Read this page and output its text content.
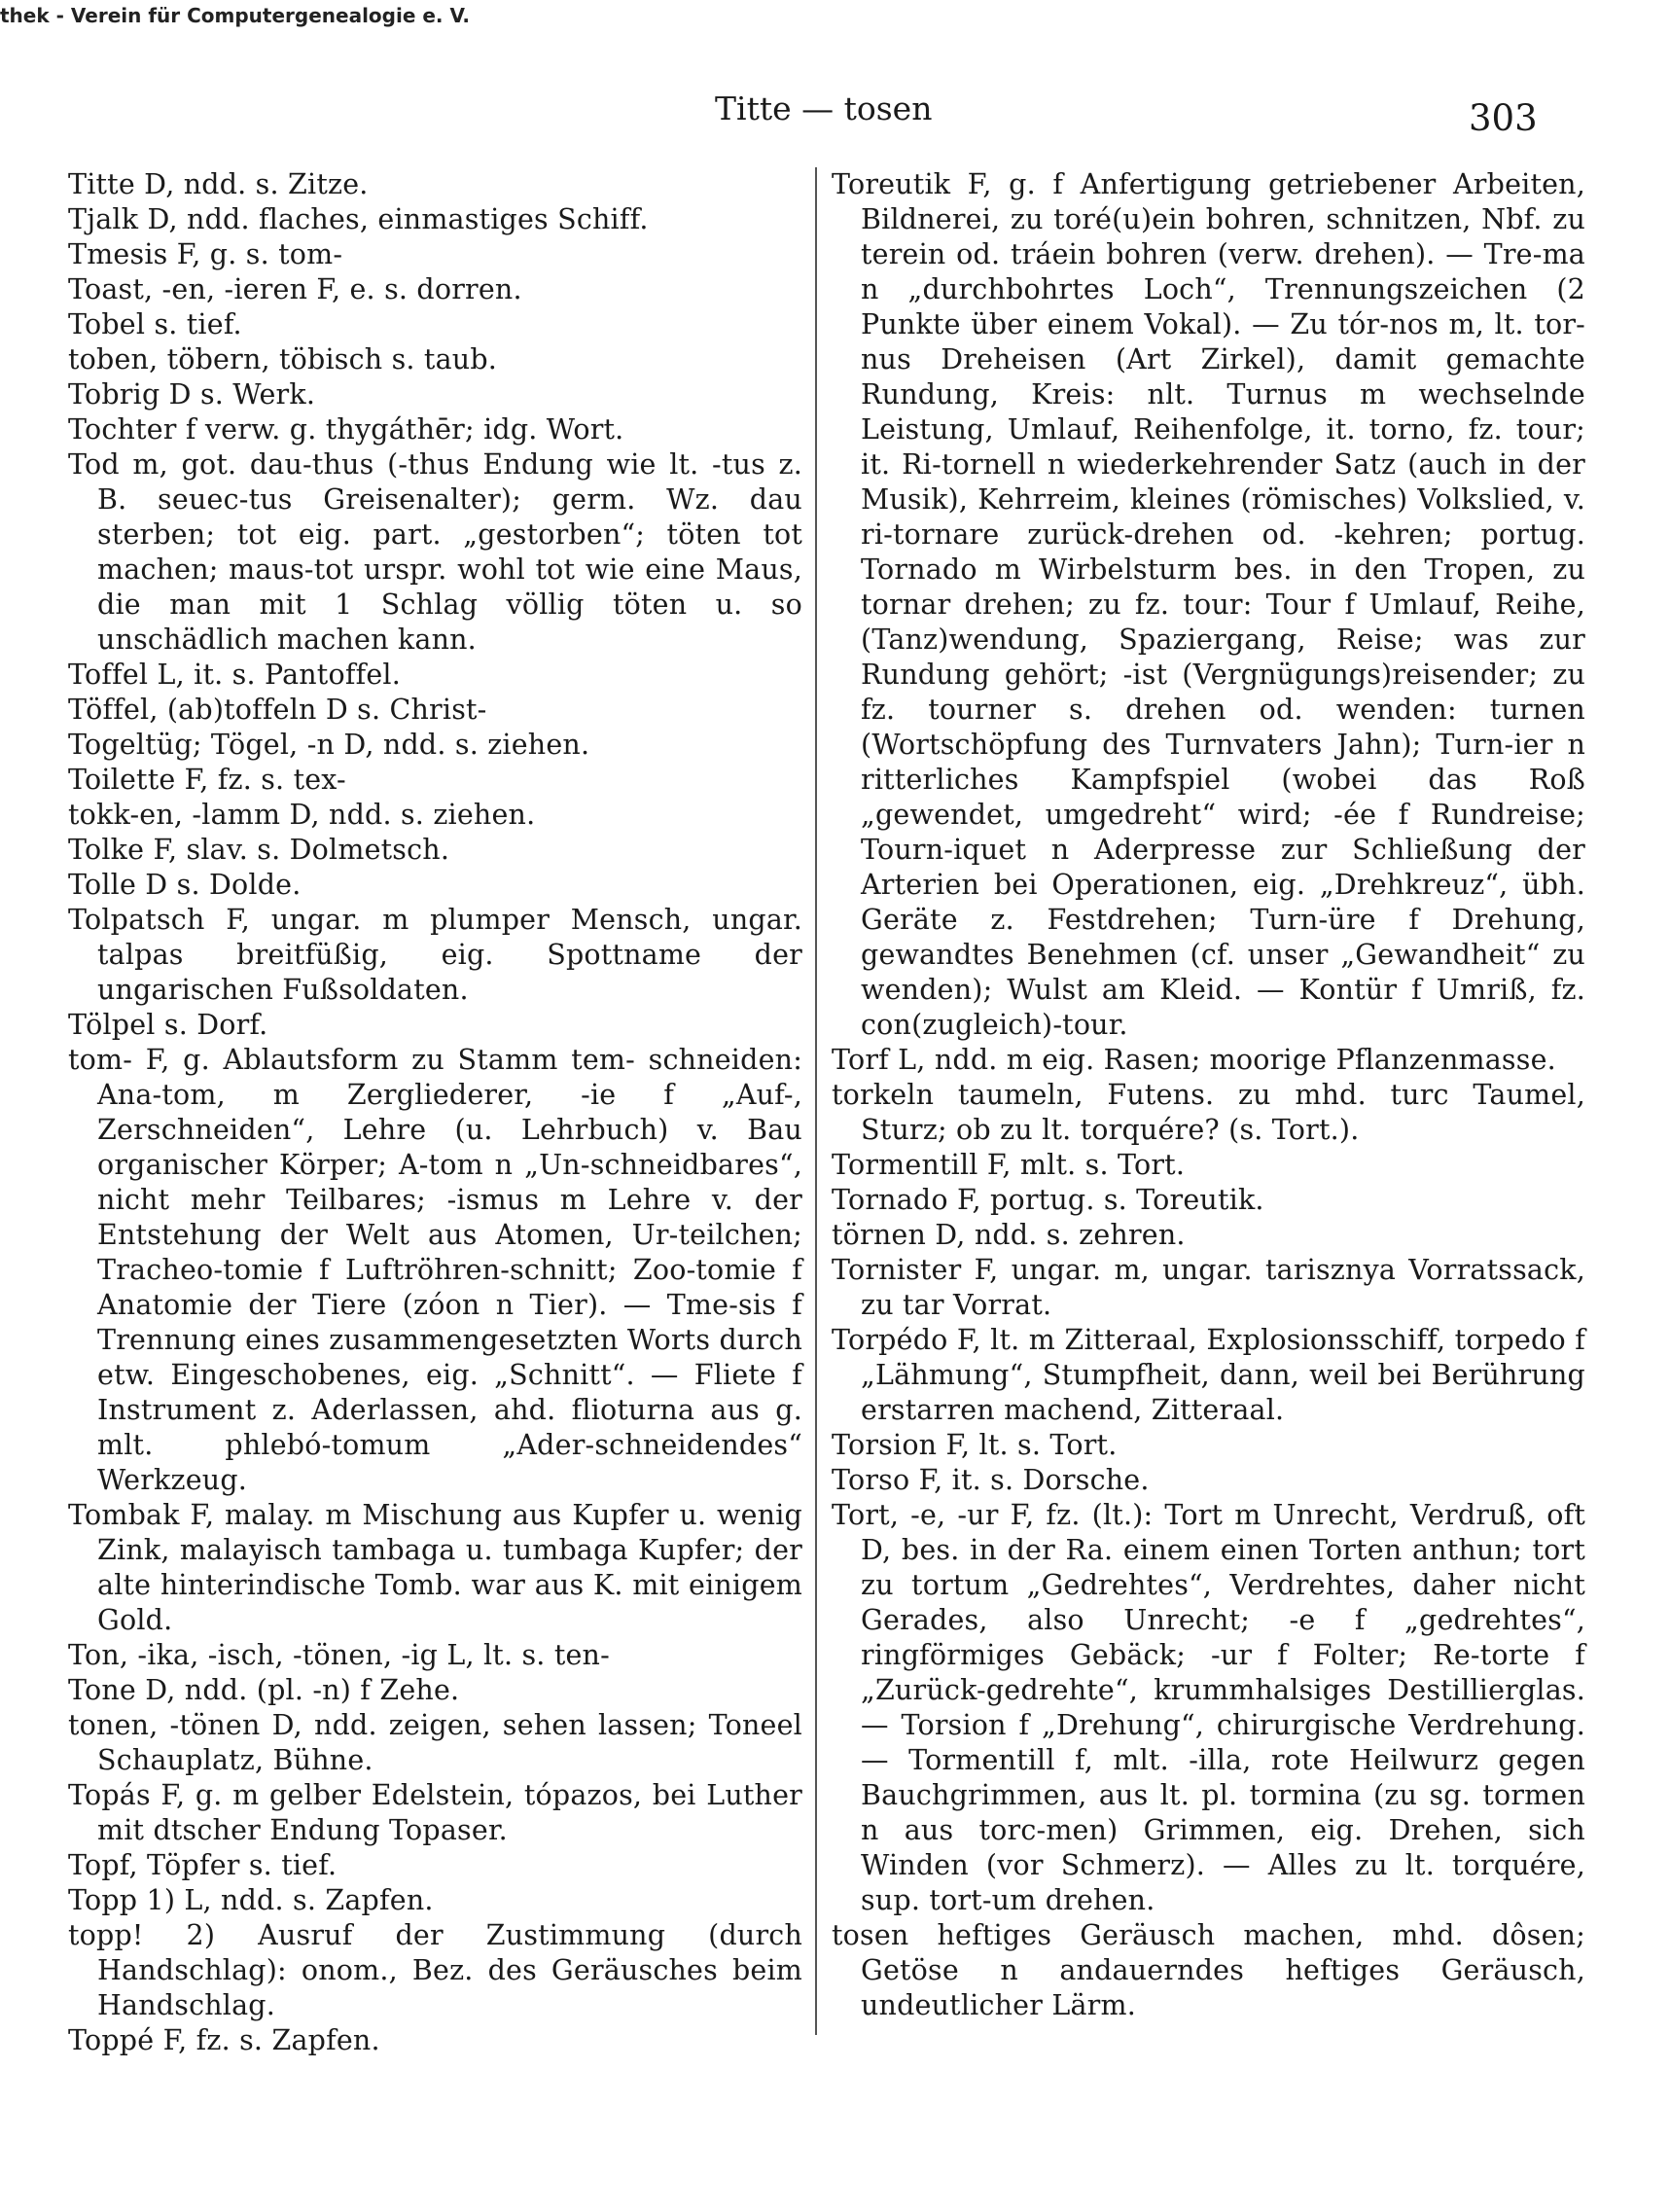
thek - Verein für Computergenealogie e. V.
Titte — tosen	303

Titte D, ndd. s. Zitze.

Tjalk D, ndd. flaches, einmastiges Schiff.

Tmesis F, g. s. tom-

Toast, -en, -ieren F, e. s. dorren.

Tobel s. tief.

toben, töbern, töbisch s. taub.

Tobrig D s. Werk.

Tochter f verw. g. thygáthēr; idg. Wort.

Tod m, got. dau-thus (-thus Endung wie lt. -tus z. B. seuec-tus Greisenalter); germ. Wz. dau sterben; tot eig. part. „gestorben“; töten tot machen; maus-tot urspr. wohl tot wie eine Maus, die man mit 1 Schlag völlig töten u. so unschädlich machen kann.

Toffel L, it. s. Pantoffel.

Töffel, (ab)toffeln D s. Christ-

Togeltüg; Tögel, -n D, ndd. s. ziehen.

Toilette F, fz. s. tex-

tokk-en, -lamm D, ndd. s. ziehen.

Tolke F, slav. s. Dolmetsch.

Tolle D s. Dolde.

Tolpatsch F, ungar. m plumper Mensch, ungar. talpas breitfüßig, eig. Spottname der ungarischen Fußsoldaten.

Tölpel s. Dorf.

tom- F, g. Ablautsform zu Stamm tem- schneiden: Ana-tom, m Zergliederer, -ie f „Auf-, Zerschneiden“, Lehre (u. Lehrbuch) v. Bau organischer Körper; A-tom n „Un-schneidbares“, nicht mehr Teilbares; -ismus m Lehre v. der Entstehung der Welt aus Atomen, Ur-teilchen; Tracheo-tomie f Luftröhren-schnitt; Zoo-tomie f Anatomie der Tiere (zóon n Tier). — Tme-sis f Trennung eines zusammengesetzten Worts durch etw. Eingeschobenes, eig. „Schnitt“. — Fliete f Instrument z. Aderlassen, ahd. flioturna aus g. mlt. phlebó-tomum „Ader-schneidendes“ Werkzeug.

Tombak F, malay. m Mischung aus Kupfer u. wenig Zink, malayisch tambaga u. tumbaga Kupfer; der alte hinterindische Tomb. war aus K. mit einigem Gold.

Ton, -ika, -isch, -tönen, -ig L, lt. s. ten-

Tone D, ndd. (pl. -n) f Zehe.

tonen, -tönen D, ndd. zeigen, sehen lassen; Toneel Schauplatz, Bühne.

Topás F, g. m gelber Edelstein, tópazos, bei Luther mit dtscher Endung Topaser.

Topf, Töpfer s. tief.

Topp 1) L, ndd. s. Zapfen.

topp! 2) Ausruf der Zustimmung (durch Handschlag): onom., Bez. des Geräusches beim Handschlag.

Toppé F, fz. s. Zapfen.

Toreutik F, g. f Anfertigung getriebener Arbeiten, Bildnerei, zu toré(u)ein bohren, schnitzen, Nbf. zu terein od. tráein bohren (verw. drehen). — Tre-ma n „durchbohrtes Loch“, Trennungszeichen (2 Punkte über einem Vokal). — Zu tór-nos m, lt. tor-nus Dreheisen (Art Zirkel), damit gemachte Rundung, Kreis: nlt. Turnus m wechselnde Leistung, Umlauf, Reihenfolge, it. torno, fz. tour; it. Ri-tornell n wiederkehrender Satz (auch in der Musik), Kehrreim, kleines (römisches) Volkslied, v. ri-tornare zurück-drehen od. -kehren; portug. Tornado m Wirbelsturm bes. in den Tropen, zu tornar drehen; zu fz. tour: Tour f Umlauf, Reihe, (Tanz)wendung, Spaziergang, Reise; was zur Rundung gehört; -ist (Vergnügungs)reisender; zu fz. tourner s. drehen od. wenden: turnen (Wortschöpfung des Turnvaters Jahn); Turn-ier n ritterliches Kampfspiel (wobei das Roß „gewendet, umgedreht“ wird; -ée f Rundreise; Tourn-iquet n Aderpresse zur Schließung der Arterien bei Operationen, eig. „Drehkreuz“, übh. Geräte z. Festdrehen; Turn-üre f Drehung, gewandtes Benehmen (cf. unser „Gewandheit“ zu wenden); Wulst am Kleid. — Kontür f Umriß, fz. con(zugleich)-tour.

Torf L, ndd. m eig. Rasen; moorige Pflanzenmasse.

torkeln taumeln, Futens. zu mhd. turc Taumel, Sturz; ob zu lt. torquére? (s. Tort.).

Tormentill F, mlt. s. Tort.

Tornado F, portug. s. Toreutik.

törnen D, ndd. s. zehren.

Tornister F, ungar. m, ungar. tarisznya Vorratssack, zu tar Vorrat.

Torpédo F, lt. m Zitteraal, Explosionsschiff, torpedo f „Lähmung“, Stumpfheit, dann, weil bei Berührung erstarren machend, Zitteraal.

Torsion F, lt. s. Tort.

Torso F, it. s. Dorsche.

Tort, -e, -ur F, fz. (lt.): Tort m Unrecht, Verdruß, oft D, bes. in der Ra. einem einen Torten anthun; tort zu tortum „Gedrehtes“, Verdrehtes, daher nicht Gerades, also Unrecht; -e f „gedrehtes“, ringförmiges Gebäck; -ur f Folter; Re-torte f „Zurück-gedrehte“, krummhalsiges Destillierglas. — Torsion f „Drehung“, chirurgische Verdrehung. — Tormentill f, mlt. -illa, rote Heilwurz gegen Bauchgrimmen, aus lt. pl. tormina (zu sg. tormen n aus torc-men) Grimmen, eig. Drehen, sich Winden (vor Schmerz). — Alles zu lt. torquére, sup. tort-um drehen.

tosen heftiges Geräusch machen, mhd. dôsen; Getöse n andauerndes heftiges Geräusch, undeutlicher Lärm.
